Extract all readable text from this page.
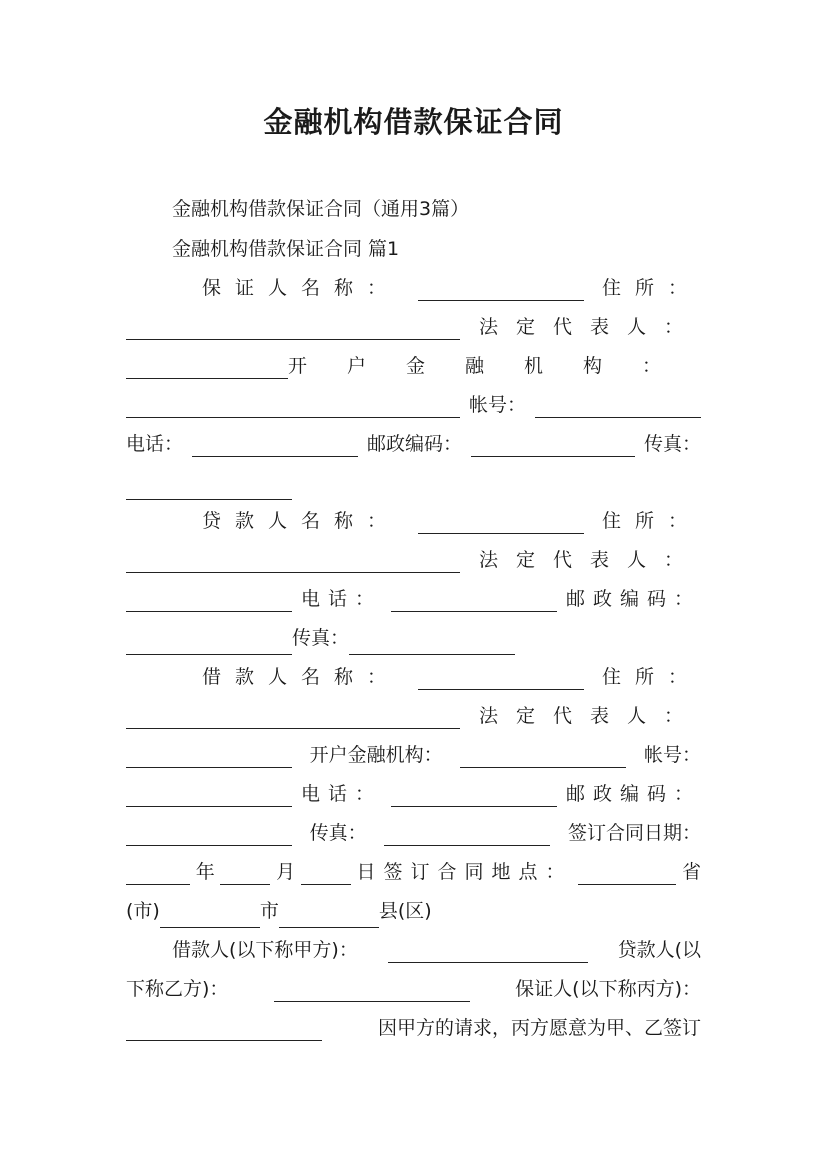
金融机构借款保证合同
金融机构借款保证合同（通用3篇）
金融机构借款保证合同 篇1
保证人名称：	住所：
法定代表人：
开户金融机构：
帐号：
电话：	邮政编码：	传真：
贷款人名称：	住所：
法定代表人：
电话：	邮政编码：
传真：
借款人名称：	住所：
法定代表人：
开户金融机构：	帐号：
电话：	邮政编码：
传真：	签订合同日期：
年	月	日签订合同地点：	省
(市)	市	县(区)
借款人(以下称甲方)：	贷款人(以
下称乙方)：	保证人(以下称丙方)：
因甲方的请求，丙方愿意为甲、乙签订
